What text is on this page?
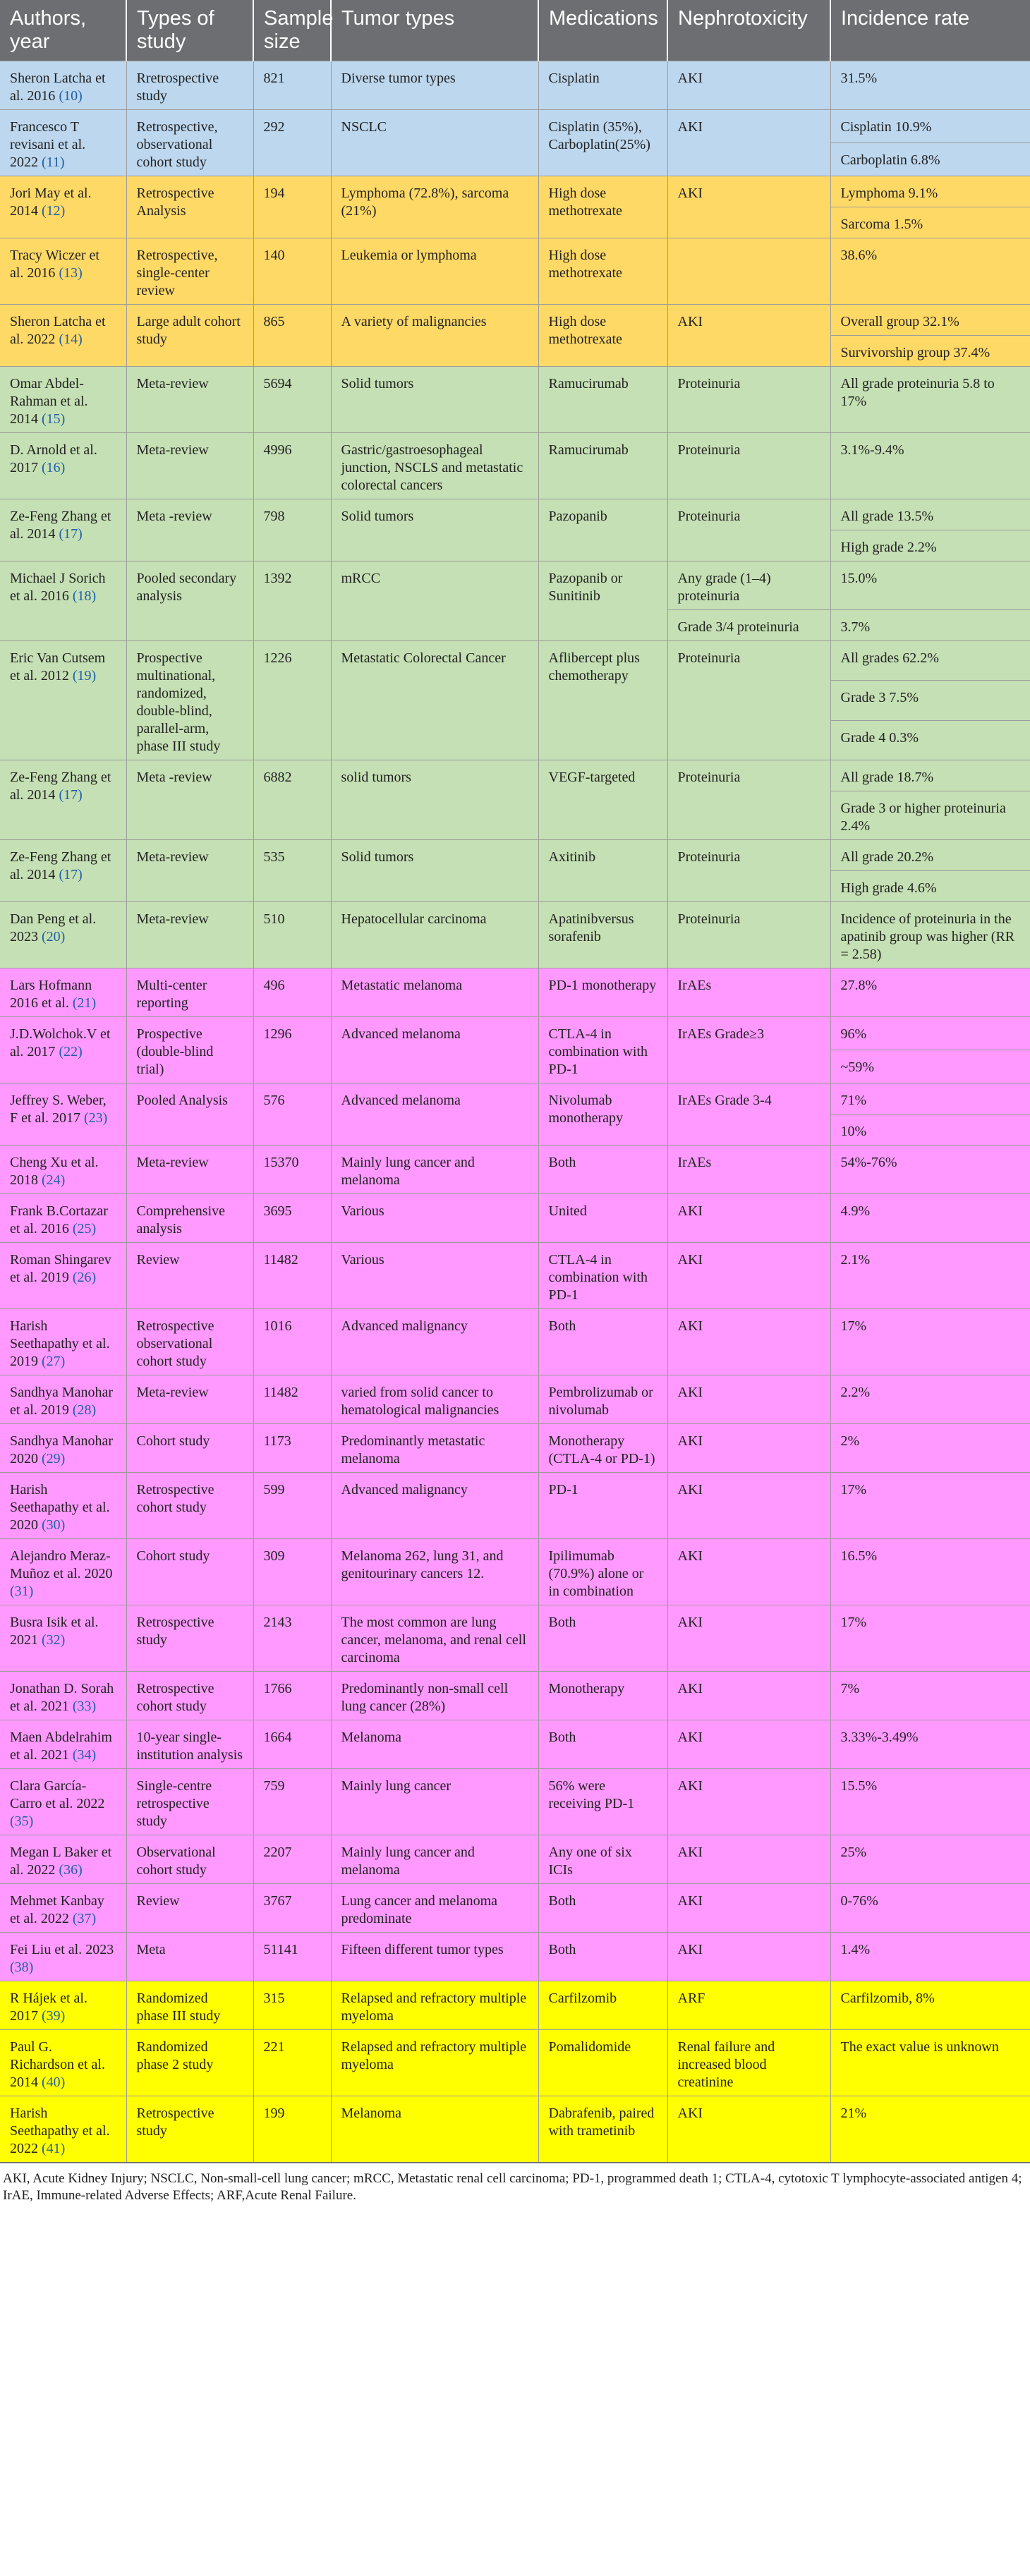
Authors, year	Types of study	Sample size	Tumor types	Medications	Nephrotoxicity	Incidence rate
Sheron Latcha et al. 2016 (10)	Rretrospective study	821	Diverse tumor types	Cisplatin	AKI	31.5%
Francesco T revisani et al. 2022 (11)	Retrospective, observational cohort study	292	NSCLC	Cisplatin (35%), Carboplatin(25%)	AKI	Cisplatin 10.9%
						Carboplatin 6.8%
Jori May et al. 2014 (12)	Retrospective Analysis	194	Lymphoma (72.8%), sarcoma (21%)	High dose methotrexate	AKI	Lymphoma 9.1%
						Sarcoma 1.5%
Tracy Wiczer et al. 2016 (13)	Retrospective, single-center review	140	Leukemia or lymphoma	High dose methotrexate		38.6%
Sheron Latcha et al. 2022 (14)	Large adult cohort study	865	A variety of malignancies	High dose methotrexate	AKI	Overall group 32.1%
						Survivorship group 37.4%
Omar Abdel-Rahman et al. 2014 (15)	Meta-review	5694	Solid tumors	Ramucirumab	Proteinuria	All grade proteinuria 5.8 to 17%
D. Arnold et al. 2017 (16)	Meta-review	4996	Gastric/gastroesophageal junction, NSCLS and metastatic colorectal cancers	Ramucirumab	Proteinuria	3.1%-9.4%
Ze-Feng Zhang et al. 2014 (17)	Meta -review	798	Solid tumors	Pazopanib	Proteinuria	All grade 13.5%
						High grade 2.2%
Michael J Sorich et al. 2016 (18)	Pooled secondary analysis	1392	mRCC	Pazopanib or Sunitinib	Any grade (1–4) proteinuria	15.0%
					Grade 3/4 proteinuria	3.7%
Eric Van Cutsem et al. 2012 (19)	Prospective multinational, randomized, double-blind, parallel-arm, phase III study	1226	Metastatic Colorectal Cancer	Aflibercept plus chemotherapy	Proteinuria	All grades 62.2%
						Grade 3 7.5%
						Grade 4 0.3%
Ze-Feng Zhang et al. 2014 (17)	Meta -review	6882	solid tumors	VEGF-targeted	Proteinuria	All grade 18.7%
						Grade 3 or higher proteinuria 2.4%
Ze-Feng Zhang et al. 2014 (17)	Meta-review	535	Solid tumors	Axitinib	Proteinuria	All grade 20.2%
						High grade 4.6%
Dan Peng et al. 2023 (20)	Meta-review	510	Hepatocellular carcinoma	Apatinibversus sorafenib	Proteinuria	Incidence of proteinuria in the apatinib group was higher (RR = 2.58)
Lars Hofmann 2016 et al. (21)	Multi-center reporting	496	Metastatic melanoma	PD-1 monotherapy	IrAEs	27.8%
J.D.Wolchok.V et al. 2017 (22)	Prospective (double-blind trial)	1296	Advanced melanoma	CTLA-4 in combination with PD-1	IrAEs Grade≥3	96%
						~59%
Jeffrey S. Weber, F et al. 2017 (23)	Pooled Analysis	576	Advanced melanoma	Nivolumab monotherapy	IrAEs Grade 3-4	71%
						10%
Cheng Xu et al. 2018 (24)	Meta-review	15370	Mainly lung cancer and melanoma	Both	IrAEs	54%-76%
Frank B.Cortazar et al. 2016 (25)	Comprehensive analysis	3695	Various	United	AKI	4.9%
Roman Shingarev et al. 2019 (26)	Review	11482	Various	CTLA-4 in combination with PD-1	AKI	2.1%
Harish Seethapathy et al. 2019 (27)	Retrospective observational cohort study	1016	Advanced malignancy	Both	AKI	17%
Sandhya Manohar et al. 2019 (28)	Meta-review	11482	varied from solid cancer to hematological malignancies	Pembrolizumab or nivolumab	AKI	2.2%
Sandhya Manohar 2020 (29)	Cohort study	1173	Predominantly metastatic melanoma	Monotherapy (CTLA-4 or PD-1)	AKI	2%
Harish Seethapathy et al. 2020 (30)	Retrospective cohort study	599	Advanced malignancy	PD-1	AKI	17%
Alejandro Meraz- Muñoz et al. 2020 (31)	Cohort study	309	Melanoma 262, lung 31, and genitourinary cancers 12.	Ipilimumab (70.9%) alone or in combination	AKI	16.5%
Busra Isik et al. 2021 (32)	Retrospective study	2143	The most common are lung cancer, melanoma, and renal cell carcinoma	Both	AKI	17%
Jonathan D. Sorah et al. 2021 (33)	Retrospective cohort study	1766	Predominantly non-small cell lung cancer (28%)	Monotherapy	AKI	7%
Maen Abdelrahim et al. 2021 (34)	10-year single-institution analysis	1664	Melanoma	Both	AKI	3.33%-3.49%
Clara García-Carro et al. 2022 (35)	Single-centre retrospective study	759	Mainly lung cancer	56% were receiving PD-1	AKI	15.5%
Megan L Baker et al. 2022 (36)	Observational cohort study	2207	Mainly lung cancer and melanoma	Any one of six ICIs	AKI	25%
Mehmet Kanbay et al. 2022 (37)	Review	3767	Lung cancer and melanoma predominate	Both	AKI	0-76%
Fei Liu et al. 2023 (38)	Meta	51141	Fifteen different tumor types	Both	AKI	1.4%
R Hájek et al. 2017 (39)	Randomized phase III study	315	Relapsed and refractory multiple myeloma	Carfilzomib	ARF	Carfilzomib, 8%
Paul G. Richardson et al. 2014 (40)	Randomized phase 2 study	221	Relapsed and refractory multiple myeloma	Pomalidomide	Renal failure and increased blood creatinine	The exact value is unknown
Harish Seethapathy et al. 2022 (41)	Retrospective study	199	Melanoma	Dabrafenib, paired with trametinib	AKI	21%
AKI, Acute Kidney Injury; NSCLC, Non-small-cell lung cancer; mRCC, Metastatic renal cell carcinoma; PD-1, programmed death 1; CTLA-4, cytotoxic T lymphocyte-associated antigen 4; IrAE, Immune-related Adverse Effects; ARF,Acute Renal Failure.
